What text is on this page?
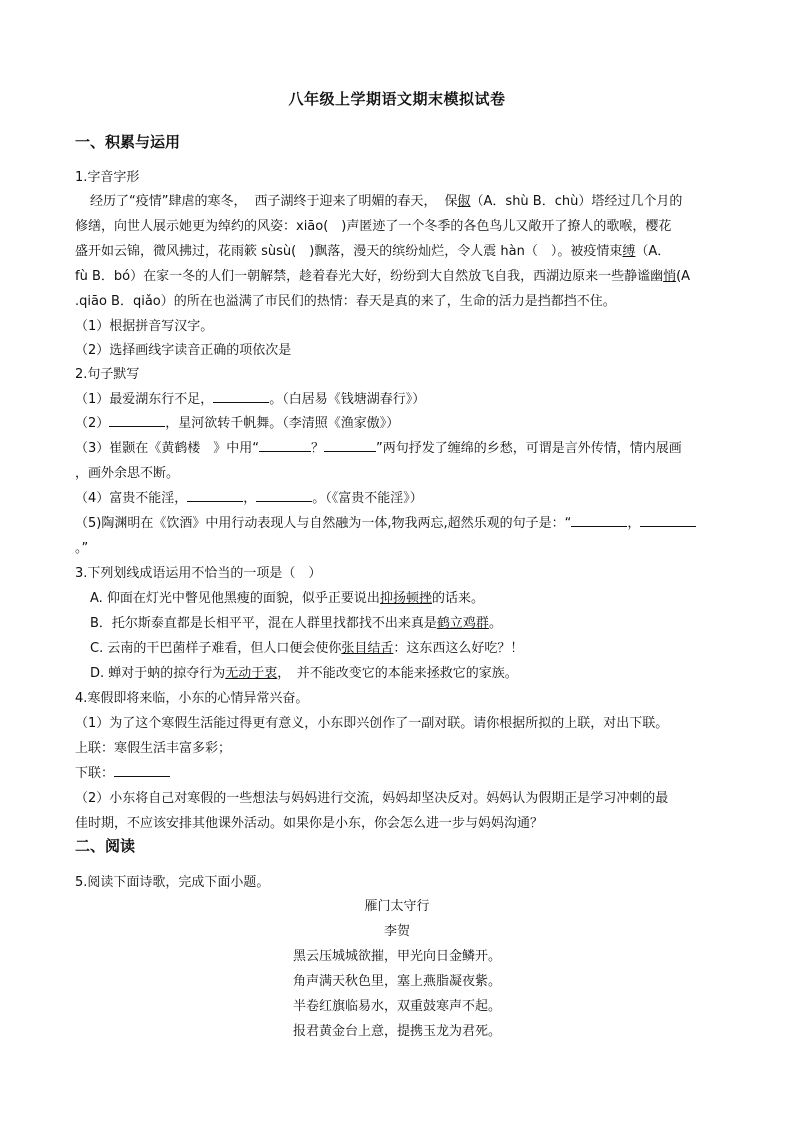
八年级上学期语文期末模拟试卷
一、积累与运用
1.字音字形
经历了“疫情”肆虐的寒冬， 西子湖终于迎来了明媚的春天， 保俶（A．shù B．chù）塔经过几个月的
修缮，向世人展示她更为绰约的风姿：xiāo(　)声匿迹了一个冬季的各色鸟儿又敞开了撩人的歌喉，樱花
盛开如云锦，微风拂过，花雨簌 sùsù(　)飘落，漫天的缤纷灿烂，令人震 hàn（　）。被疫情束缚（A．
fù B．bó）在家一冬的人们一朝解禁，趁着春光大好，纷纷到大自然放飞自我，西湖边原来一些静谧幽悄(A
.qiāo B．qiǎo）的所在也溢满了市民们的热情：春天是真的来了，生命的活力是挡都挡不住。
（1）根据拼音写汉字。
（2）选择画线字读音正确的项依次是
2.句子默写
（1）最爱湖东行不足，	。（白居易《钱塘湖春行》）
（2）	，星河欲转千帆舞。（李清照《渔家傲》）
（3）崔颢在《黄鹤楼　》中用“	？	”两句抒发了缠绵的乡愁，可谓是言外传情，情内展画
，画外余思不断。
（4）富贵不能淫，	，	。（《富贵不能淫》）
（5)陶渊明在《饮酒》中用行动表现人与自然融为一体,物我两忘,超然乐观的句子是：“	，
。”
3.下列划线成语运用不恰当的一项是（　）
A. 仰面在灯光中瞥见他黑瘦的面貌，似乎正要说出抑扬顿挫的话来。
B．托尔斯泰直都是长相平平，混在人群里找都找不出来真是鹤立鸡群。
C. 云南的干巴菌样子难看，但人口便会使你张目结舌：这东西这么好吃？！
D. 蝉对于蚋的掠夺行为无动于衷，　并不能改变它的本能来拯救它的家族。
4.寒假即将来临，小东的心情异常兴奋。
（1）为了这个寒假生活能过得更有意义，小东即兴创作了一副对联。请你根据所拟的上联，对出下联。
上联：寒假生活丰富多彩；
下联：
（2）小东将自己对寒假的一些想法与妈妈进行交流，妈妈却坚决反对。妈妈认为假期正是学习冲刺的最
佳时期，不应该安排其他课外活动。如果你是小东，你会怎么进一步与妈妈沟通？
二、阅读
5.阅读下面诗歌，完成下面小题。
雁门太守行
李贺
黑云压城城欲摧，甲光向日金鳞开。
角声满天秋色里，塞上燕脂凝夜紫。
半卷红旗临易水，双重鼓寒声不起。
报君黄金台上意，提携玉龙为君死。
